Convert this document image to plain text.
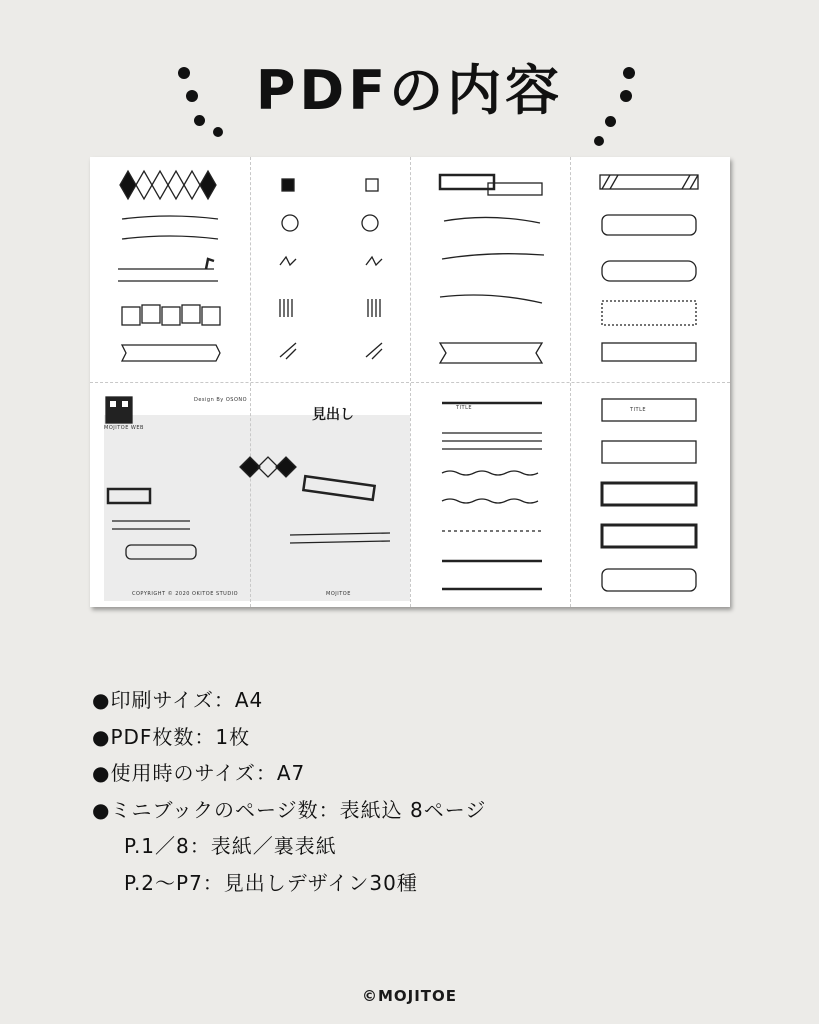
PDFの内容
見出し
Design By OSONO
MOJITOE WEB
COPYRIGHT © 2020 OKITOE STUDIO	MOJITOE
TITLE	TITLE
●印刷サイズ：A4
●PDF枚数：1枚
●使用時のサイズ：A7
●ミニブックのページ数：表紙込 8ページ
P.1／8：表紙／裏表紙
P.2〜P7：見出しデザイン30種
©MOJITOE
